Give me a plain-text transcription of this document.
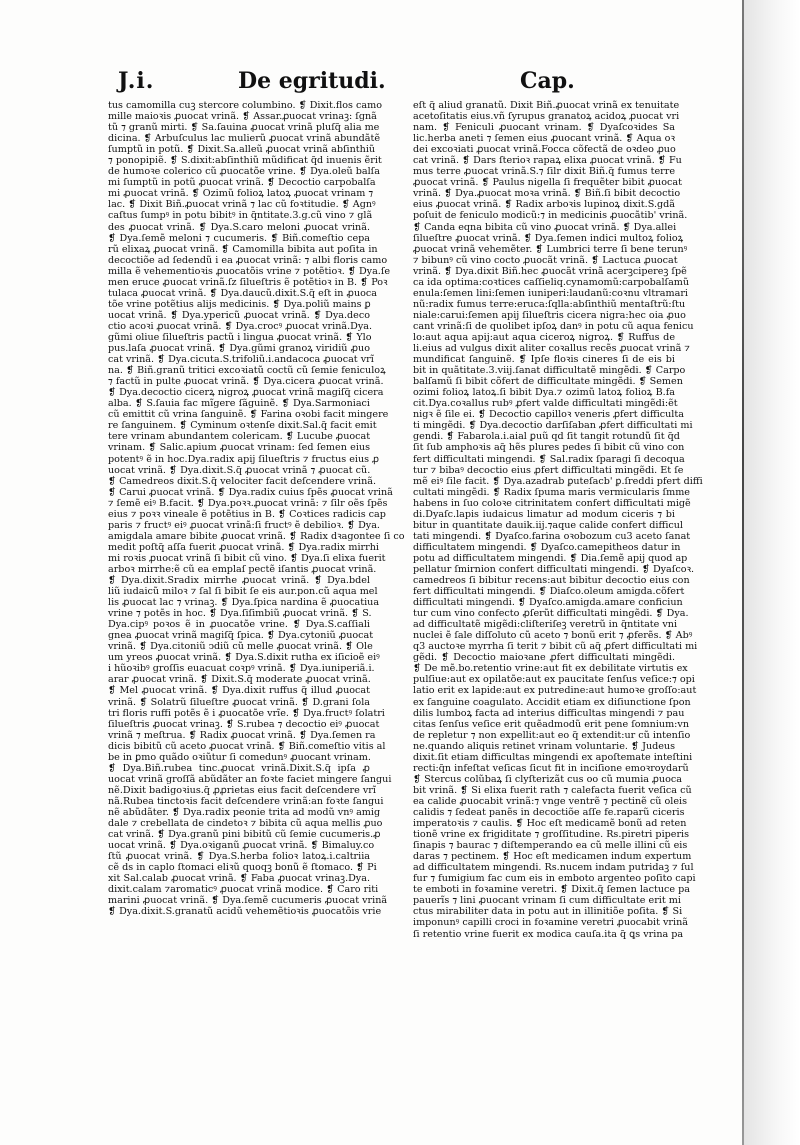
J.i.	De egritudi.	Cap.
tus camomilla cuꝫ stercore columbino. ❡ Dixit.flos camo
mille maioꝛis ꝓuocat vrinã. ❡ Assar.ꝓuocat vrinaꝫ: ſgnã
tũ ⁊ granũ mirti. ❡ Sa.ſauina ꝓuocat vrinã pluſq̃ alia me
dicina. ❡ Arbuſculus lac mulierũ ꝓuocat vrinã abundãtẽ
ſumptũ in potũ. ❡ Dixit.Sa.alleũ ꝓuocat vrinã abſinthiũ
⁊ ponopipiẽ. ❡ S.dixit:abſinthiũ mũdificat q̃d inuenis ẽrit
de humoꝛe colerico cũ ꝓuocatõe vrine. ❡ Dya.oleũ balſa
mi ſumptũ in potũ ꝓuocat vrinã. ❡ Decoctio carpobalſa
mi ꝓuocat vrinã. ❡ Ozimũ folioꝝ latoꝝ ꝓuocat vrinam ⁊
lac. ❡ Dixit Biñ.ꝓuocat vrinã ⁊ lac cũ foꝛtitudie. ❡ Agnꝰ
caſtus ſumpꝰ in potu bibitꝰ in q̃ntitate.3.g.cũ vino ⁊ glã
des ꝓuocat vrinã. ❡ Dya.S.caro meloni ꝓuocat vrinã.
❡ Dya.ſemẽ meloni ⁊ cucumeris. ❡ Biñ.comeſtio cepa
rũ elixaꝝ ꝓuocat vrinã. ❡ Camomilla bibita aut poſita in
decoctiõe ad ſedendũ i ea ꝓuocat vrinã: ⁊ albi floris camo
milla ẽ vehementioꝛis ꝓuocatõis vrine ⁊ potẽtioꝛ. ❡ Dya.ſe
men eruce ꝓuocat vrinã.ſz ſilueſtris ẽ potẽtioꝛ in B. ❡ Poꝛ
tulaca ꝓuocat vrinã. ❡ Dya.daucũ.dixit.S.q̃ eſt in ꝓuoca
tõe vrine potẽtius alijs medicinis. ❡ Dya.poliũ mains ꝑ
uocat vrinã. ❡ Dya.ypericũ ꝓuocat vrinã. ❡ Dya.deco
ctio acoꝛi ꝓuocat vrinã. ❡ Dya.crocꝰ ꝓuocat vrinã.Dya.
gũmi oliue ſilueſtris pactũ i lingua ꝓuocat vrinã. ❡ Ylo
pus.laſa ꝓuocat vrinã. ❡ Dya.gũmi granoꝝ viridiũ ꝓuo
cat vrinã. ❡ Dya.cicuta.S.trifoliũ.i.andacoca ꝓuocat vrĩ
na. ❡ Biñ.granũ tritici excoꝛiatũ coctũ cũ ſemie feniculoꝝ
⁊ factũ in pulte ꝓuocat vrinã. ❡ Dya.cicera ꝓuocat vrinã.
❡ Dya.decoctio cicerꝝ nigroꝝ ꝓuocat vrinã magiſq̃ cicera
alba. ❡ S.ſauia fac mĩgere ſãguinẽ. ❡ Dya.Sarmoniaci
cũ emittit cũ vrina ſanguinẽ. ❡ Farina oꝛobi facit mingere
re ſanguinem. ❡ Cyminum oꝛtenſe dixit.Sal.q̃ facit emit
tere vrinam abundantem colericam. ❡ Lucube ꝓuocat
vrinam. ❡ Salic.apium ꝓuocat vrinam: ſed ſemen eius
potentꝰ ẽ in hoc.Dya.radix apij ſilueſtris ⁊ fructus eius ꝓ
uocat vrinã. ❡ Dya.dixit.S.q̃ ꝓuocat vrinã ⁊ ꝓuocat cũ.
❡ Camedreos dixit.S.q̃ velociter facit deſcendere vrinã.
❡ Carui ꝓuocat vrinã. ❡ Dya.radix cuius ſpẽs ꝓuocat vrinã
⁊ ſemẽ eiꝰ B.facit. ❡ Dya.poꝛꝛ.ꝓuocat vrinã: ⁊ ſilr oẽs ſpẽs
eius ⁊ poꝛꝛ vineale ẽ potẽtius in B. ❡ Coꝛtices radicis cap
paris ⁊ fructꝰ eiꝰ ꝓuocat vrinã:ſi fructꝰ ẽ debilioꝛ. ❡ Dya.
amigdala amare bibite ꝓuocat vrinã. ❡ Radix dꝛagontee ſi co
medit poſtq̃ aſſa fuerit ꝓuocat vrinã. ❡ Dya.radix mirrhi
mi roꝛis ꝓuocat vrinã ſi bibit cũ vino. ❡ Dya.ſi elixa fuerit
arboꝛ mirrhe:ẽ cũ ea emplaſ pectẽ iſantis ꝓuocat vrinã.
❡ Dya.dixit.Sradix mirrhe ꝓuocat vrinã. ❡ Dya.bdel
liũ iudaicũ miloꝛ ⁊ ſal ſi bibit ſe eis aur.pon.cũ aqua mel
lis ꝓuocat lac ⁊ vrinaꝫ. ❡ Dya.ſpica nardina ẽ ꝓuocatiua
vrine ⁊ potẽs in hoc. ❡ Dya.ſiſimbiũ ꝓuocat vrinã. ❡ S.
Dya.cipꝰ poꝛos ẽ in ꝓuocatõe vrine. ❡ Dya.S.caſſiali
gnea ꝓuocat vrinã magiſq̃ ſpica. ❡ Dya.cytoniũ ꝓuocat
vrinã. ❡ Dya.citoniũ ↄdiũ cũ melle ꝓuocat vrinã. ❡ Ole
um yreos ꝓuocat vrinã. ❡ Dya.S.dixit rutha ex iſicioẽ eiꝰ
i hũoꝛibꝰ groſſis euacuat coꝛpꝰ vrinã. ❡ Dya.iuniperiã.i.
arar ꝓuocat vrinã. ❡ Dixit.S.q̃ moderate ꝓuocat vrinã.
❡ Mel ꝓuocat vrinã. ❡ Dya.dixit ruffus q̃ illud ꝓuocat
vrinã. ❡ Solatrũ ſilueſtre ꝓuocat vrinã. ❡ D.grani ſola
tri floris ruffi potẽs ẽ i ꝓuocatõe vrĩe. ❡ Dya.fructꝰ ſolatri
ſilueſtris ꝓuocat vrinaꝫ. ❡ S.rubea ⁊ decoctio eiꝰ ꝓuocat
vrinã ⁊ meſtrua. ❡ Radix ꝓuocat vrinã. ❡ Dya.ſemen ra
dicis bibitũ cũ aceto ꝓuocat vrinã. ❡ Biñ.comeſtio vitis al
be in ꝑmo quãdo oꝛiũtur ſi comedunꝰ ꝓuocant vrinam.
❡ Dya.Biñ.rubea tinc.ꝓuocat vrinã.Dixit.S.q̃ ipſa ꝓ
uocat vrinã groſſã abũdãter an foꝛte faciet mingere ſangui
nẽ.Dixit badigoꝛius.q̃ ꝓꝓrietas eius facit deſcendere vrĩ
nã.Rubea tinctoꝛis facit deſcendere vrinã:an foꝛte ſangui
nẽ abũdãter. ❡ Dya.radix peonie trita ad modũ vnꝰ amig
dale ⁊ crebellata de cindetoꝛ ⁊ bibita cũ aqua mellis ꝓuo
cat vrinã. ❡ Dya.granũ pini bibitũ cũ ſemie cucumeris.ꝓ
uocat vrinã. ❡ Dya.oꝛiganũ ꝓuocat vrinã. ❡ Bimaluy.co
ſtũ ꝓuocat vrinã. ❡ Dya.S.herba folioꝛ latoꝝ.i.caltriia
cẽ ds in caplo ſtomaci eliꝛũ quoqꝫ bonũ ẽ ſtomaco. ❡ Pi
xit Sal.calab ꝓuocat vrinã. ❡ Faba ꝓuocat vrinaꝫ.Dya.
dixit.calam ⁊aromaticꝰ ꝓuocat vrinã modice. ❡ Caro riti
marini ꝓuocat vrinã. ❡ Dya.ſemẽ cucumeris ꝓuocat vrinã
❡ Dya.dixit.S.granatũ acidũ vehemẽtioꝛis ꝓuocatõis vrie
eſt q̃ aliud granatũ. Dixit Biñ.ꝓuocat vrinã ex tenuitate
acetoſitatis eius.vñ ſyrupus granatoꝝ acidoꝝ ꝓuocat vri
nam. ❡ Feniculi ꝓuocant vrinam. ❡ Dyaſcoꝛides Sa
lic.herba aneti ⁊ ſemen eius ꝓuocant vrinã. ❡ Aqua oꝛ
dei excoꝛiati ꝓuocat vrinã.Focca cõfectã de oꝛdeo ꝓuo
cat vrinã. ❡ Dars ſterioꝛ rapaꝝ elixa ꝓuocat vrinã. ❡ Fu
mus terre ꝓuocat vrinã.S.⁊ ſilr dixit Biñ.q̃ fumus terre
ꝓuocat vrinã. ❡ Paulus nigella ſi frequẽter bibit ꝓuocat
vrinã. ❡ Dya.ꝓuocat moꝛa vrinã. ❡ Biñ.ſi bibit decoctio
eius ꝓuocat vrinã. ❡ Radix arboꝛis lupinoꝝ dixit.S.gdã
poſuit de feniculo modicũ:⁊ in medicinis ꝓuocãtib' vrinã.
❡ Canda eqna bibita cũ vino ꝓuocat vrinã. ❡ Dya.allei
ſilueſtre ꝓuocat vrinã. ❡ Dya.ſemen indici multoꝝ folioꝝ
ꝓuocat vrinã vehemẽter. ❡ Lumbrici terre ſi bene terunꝰ
⁊ bibunꝰ cũ vino cocto ꝓuocãt vrinã. ❡ Lactuca ꝓuocat
vrinã. ❡ Dya.dixit Biñ.hec ꝓuocãt vrinã acerꝫcipereꝫ ſpẽ
ca ida optima:coꝛtices caſſieliq.cynamomũ:carpobalſamũ
enula:ſemen lini:ſemen iuniperi:laudanũ:coꝛnu vltramari
nũ:radix fumus terre:eruca:ſqlla:abſinthiũ mentaſtrũ:ſtu
niale:carui:ſemen apij ſilueſtris cicera nigra:hec oia ꝓuo
cant vrinã:ſi de quolibet ipſoꝝ danꝰ in potu cũ aqua fenicu
lo:aut aqua apij:aut aqua ciceroꝝ nigroꝝ. ❡ Ruffus de
li.eius ad vulgus dixit aliter coꝛallus recẽs ꝓuocat vrinã ⁊
mundificat ſanguinẽ. ❡ Ipſe floꝛis cineres ſi de eis bi
bit in quãtitate.3.viij.ſanat difficultatẽ mingẽdi. ❡ Carpo
balſamũ ſi bibit cõfert de difficultate mingẽdi. ❡ Semen
ozimi folioꝝ latoꝝ.ſi bibit Dya.⁊ ozimũ latoꝝ folioꝝ B.fa
cit.Dya.coꝛallus rubꝰ ꝓfert valde difficultati mingẽdi:ẽt
nigꝛ ẽ ſile ei. ❡ Decoctio capilloꝛ veneris ꝓfert difficulta
ti mingẽdi. ❡ Dya.decoctio darſiſaban ꝓfert difficultati mi
gendi. ❡ Fabarola.i.aial ꝑuũ qd ſit tangit rotundũ ſit q̃d
ſit ſub amphoꝛis aq̃ hẽs plures pedes ſi bibit cũ vino con
fert difficultati mingendi. ❡ Sal.radix ſparagi ſi decoqua
tur ⁊ bibaꝰ decoctio eius ꝓfert difficultati mingẽdi. Et ſe
mẽ eiꝰ ſile facit. ❡ Dya.azadrab ꝑuteſacb' ꝑ.ſreddi pfert diffi
cultati mingẽdi. ❡ Radix ſpuma maris vermicularis ſmme
habens in ſuo coloꝛe citrinitatem confert difficultati migẽ
di.Dyaſc.lapis iudaicus limatur ad modum ciceris ⁊ bi
bitur in quantitate dauik.iij.⁊aque calide confert difficul
tati mingendi. ❡ Dyaſco.farina oꝛobozum cu3 aceto ſanat
difficultatem mingendi. ❡ Dyaſco.camepitheos datur in
potu ad difficultatem mingendi. ❡ Dia.ſemẽ apij quod ap
pellatur ſmirnion confert difficultati mingendi. ❡ Dyaſcoꝛ.
camedreos ſi bibitur recens:aut bibitur decoctio eius con
fert difficultati mingendi. ❡ Diaſco.oleum amigda.cõfert
difficultati mingendi. ❡ Dyaſco.amigda.amare conficiun
tur cum vino confecto ꝓſerũt difficultati mingẽdi. ❡ Dya.
ad difficultatẽ migẽdi:cliſteriſeꝫ veretrũ in q̃ntitate vni
nuclei ẽ ſale diſſoluto cũ aceto ⁊ bonũ erit ⁊ ꝓferẽs. ❡ Abꝰ
q3 auctoꝛe myrrha ſi terit ⁊ bibit cũ aq̃ ꝓfert difficultati mi
gẽdi. ❡ Decoctio maioꝛane ꝓfert difficultati mingẽdi.
❡ De mẽ.bo.retentio vrine:aut fit ex debilitate virtutis ex
pulſiue:aut ex opilatõe:aut ex paucitate ſenſus veſice:⁊ opi
latio erit ex lapide:aut ex putredine:aut humoꝛe groſſo:aut
ex ſanguine coagulato. Accidit etiam ex diſiunctione ſpon
dilis lumboꝝ facta ad interius difficultas mingendi ⁊ pau
citas ſenſus veſice erit quẽadmodũ erit pene ſomnium:vn
de repletur ⁊ non expellit:aut eo q̃ extendit:ur cũ intenſio
ne.quando aliquis retinet vrinam voluntarie. ❡ Judeus
dixit.ſit etiam difficultas mingendi ex apoſtemate inteſtini
recti:q̃n infeſtat veſicas ſicut fit in inciſione emoꝛroydarũ
❡ Stercus colũbaꝝ ſi clyſterizãt cus oo cũ mumia ꝓuoca
bit vrinã. ❡ Si elixa fuerit rath ⁊ calefacta fuerit veſica cũ
ea calide ꝓuocabit vrinã:⁊ vnge ventrẽ ⁊ pectinẽ cũ oleis
calidis ⁊ ſedeat panẽs in decoctiõe aſſe fe.raparũ ciceris
imperatoꝛis ⁊ caulis. ❡ Hoc eſt medicamẽ bonũ ad reten
tionẽ vrine ex frigiditate ⁊ groſſitudine. Rs.piretri piperis
ſinapis ⁊ baurac ⁊ diſtemperando ea cũ melle illini cũ eis
daras ⁊ pectinem. ❡ Hoc eſt medicamen indum expertum
ad difficultatem mingendi. Rs.nucem indam putridaꝫ ⁊ ſul
fur ⁊ fumigium fac cum eis in emboto argenteo poſito capi
te emboti in foꝛamine veretri. ❡ Dixit.q̃ ſemen lactuce pa
pauerĩs ⁊ lini ꝓuocant vrinam ſi cum difficultate erit mi
ctus mirabiliter data in potu aut in illinitiõe poſita. ❡ Si
imponunꝰ capilli croci in foꝛamine veretri ꝓuocabit vrinã
ſi retentio vrine fuerit ex modica cauſa.ita q̃ ꝗs vrina pa
